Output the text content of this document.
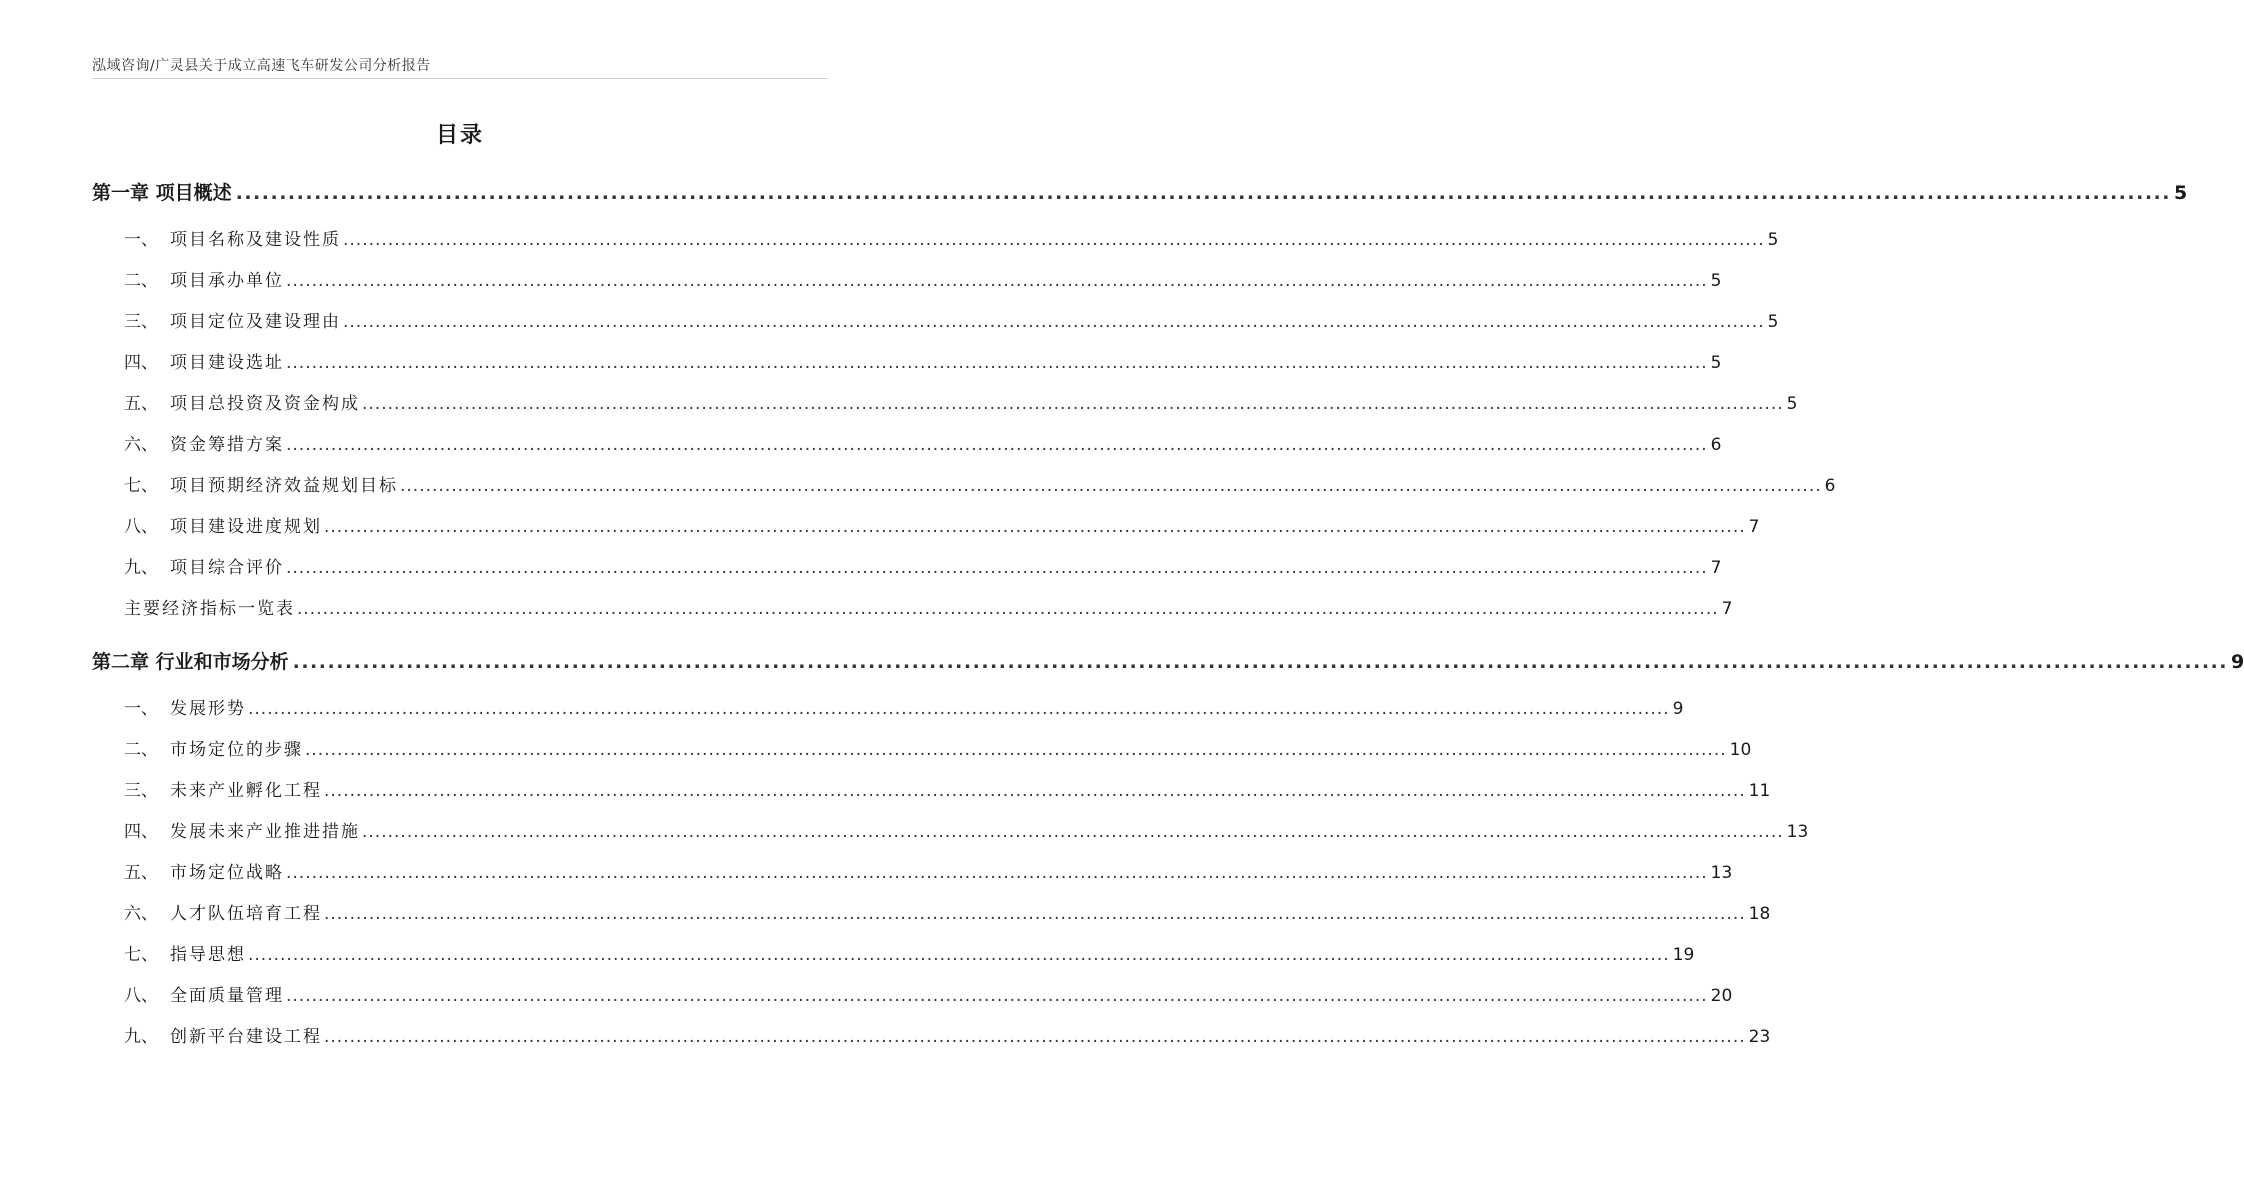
泓域咨询/广灵县关于成立高速飞车研发公司分析报告
目录
第一章 项目概述 .............................................................................................................................................................................................................................. 5
一、 项目名称及建设性质 .............................................................................................................................................................................................................................. 5
二、 项目承办单位 .............................................................................................................................................................................................................................. 5
三、 项目定位及建设理由 .............................................................................................................................................................................................................................. 5
四、 项目建设选址 .............................................................................................................................................................................................................................. 5
五、 项目总投资及资金构成 .............................................................................................................................................................................................................................. 5
六、 资金筹措方案 .............................................................................................................................................................................................................................. 6
七、 项目预期经济效益规划目标 .............................................................................................................................................................................................................................. 6
八、 项目建设进度规划 .............................................................................................................................................................................................................................. 7
九、 项目综合评价 .............................................................................................................................................................................................................................. 7
主要经济指标一览表 .............................................................................................................................................................................................................................. 7
第二章 行业和市场分析 .............................................................................................................................................................................................................................. 9
一、 发展形势 .............................................................................................................................................................................................................................. 9
二、 市场定位的步骤 .............................................................................................................................................................................................................................. 10
三、 未来产业孵化工程 .............................................................................................................................................................................................................................. 11
四、 发展未来产业推进措施 .............................................................................................................................................................................................................................. 13
五、 市场定位战略 .............................................................................................................................................................................................................................. 13
六、 人才队伍培育工程 .............................................................................................................................................................................................................................. 18
七、 指导思想 .............................................................................................................................................................................................................................. 19
八、 全面质量管理 .............................................................................................................................................................................................................................. 20
九、 创新平台建设工程 .............................................................................................................................................................................................................................. 23
